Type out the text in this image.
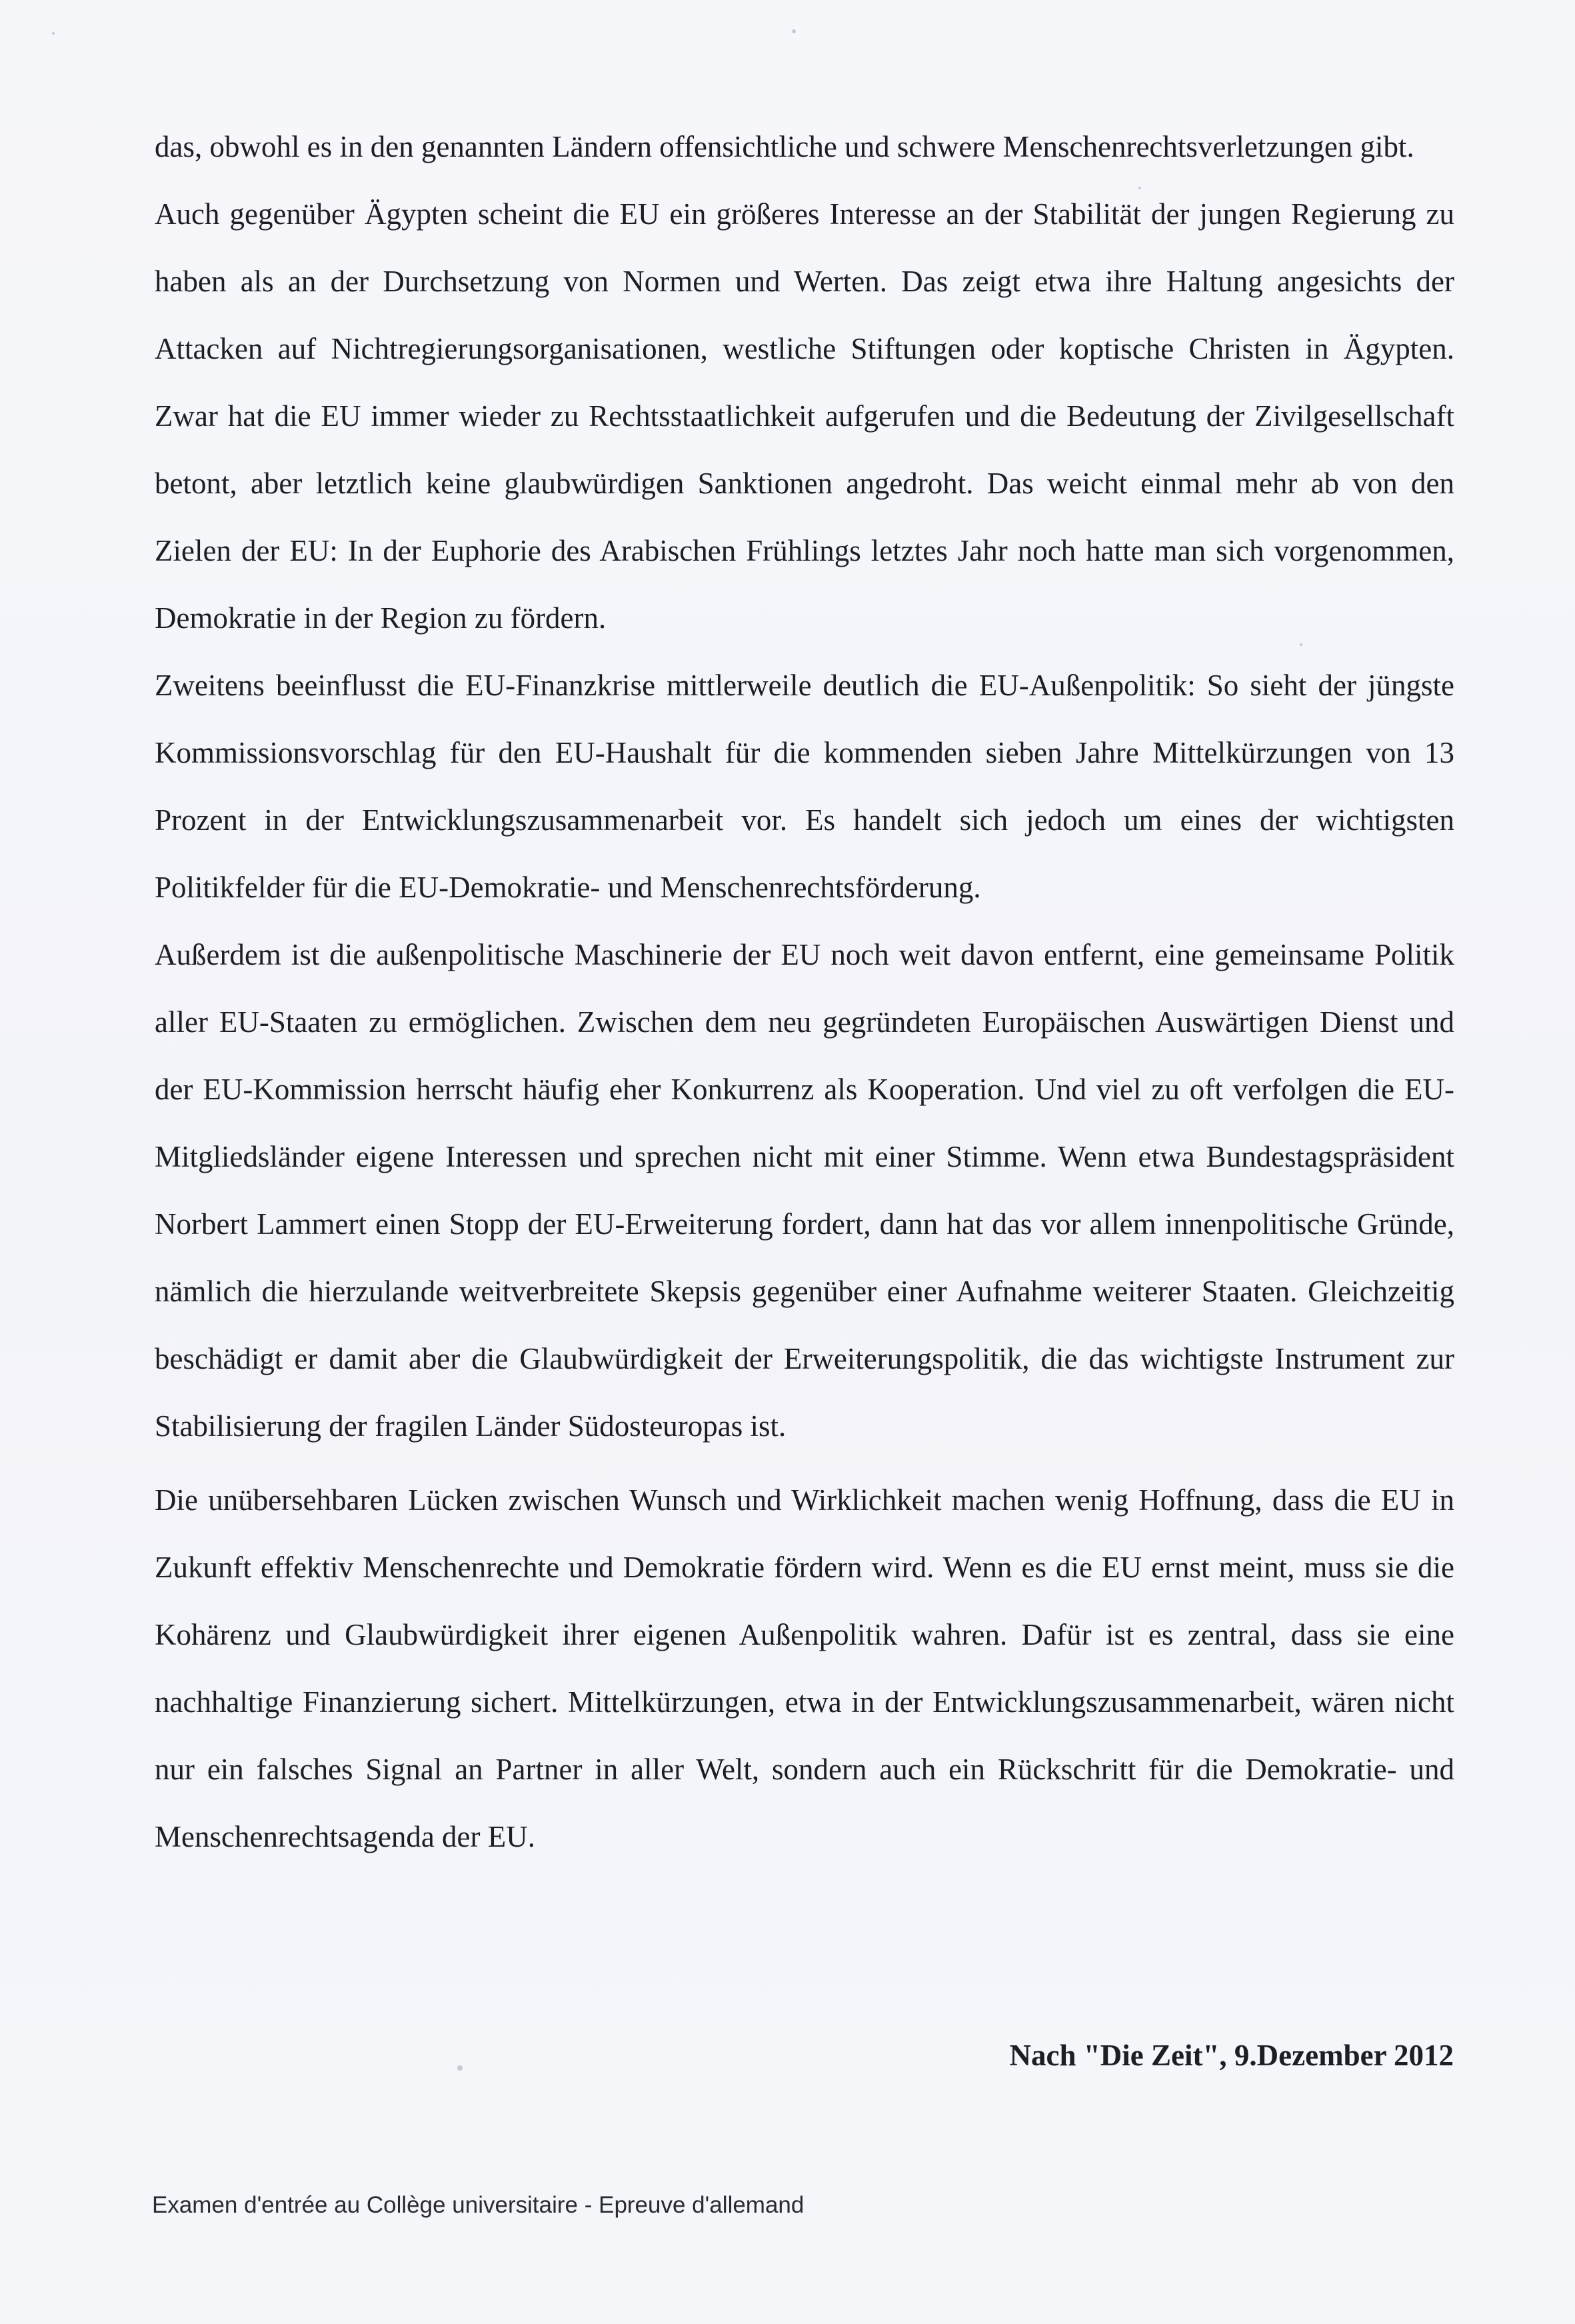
das, obwohl es in den genannten Ländern offensichtliche und schwere Menschenrechtsverletzungen gibt.

Auch gegenüber Ägypten scheint die EU ein größeres Interesse an der Stabilität der jungen Regierung zu haben als an der Durchsetzung von Normen und Werten. Das zeigt etwa ihre Haltung angesichts der Attacken auf Nichtregierungsorganisationen, westliche Stiftungen oder koptische Christen in Ägypten. Zwar hat die EU immer wieder zu Rechtsstaatlichkeit aufgerufen und die Bedeutung der Zivilgesellschaft betont, aber letztlich keine glaubwürdigen Sanktionen angedroht. Das weicht einmal mehr ab von den Zielen der EU: In der Euphorie des Arabischen Frühlings letztes Jahr noch hatte man sich vorgenommen, Demokratie in der Region zu fördern.

Zweitens beeinflusst die EU-Finanzkrise mittlerweile deutlich die EU-Außenpolitik: So sieht der jüngste Kommissionsvorschlag für den EU-Haushalt für die kommenden sieben Jahre Mittelkürzungen von 13 Prozent in der Entwicklungszusammenarbeit vor. Es handelt sich jedoch um eines der wichtigsten Politikfelder für die EU-Demokratie- und Menschenrechtsförderung.

Außerdem ist die außenpolitische Maschinerie der EU noch weit davon entfernt, eine gemeinsame Politik aller EU-Staaten zu ermöglichen. Zwischen dem neu gegründeten Europäischen Auswärtigen Dienst und der EU-Kommission herrscht häufig eher Konkurrenz als Kooperation. Und viel zu oft verfolgen die EU-Mitgliedsländer eigene Interessen und sprechen nicht mit einer Stimme. Wenn etwa Bundestagspräsident Norbert Lammert einen Stopp der EU-Erweiterung fordert, dann hat das vor allem innenpolitische Gründe, nämlich die hierzulande weitverbreitete Skepsis gegenüber einer Aufnahme weiterer Staaten. Gleichzeitig beschädigt er damit aber die Glaubwürdigkeit der Erweiterungspolitik, die das wichtigste Instrument zur Stabilisierung der fragilen Länder Südosteuropas ist.

Die unübersehbaren Lücken zwischen Wunsch und Wirklichkeit machen wenig Hoffnung, dass die EU in Zukunft effektiv Menschenrechte und Demokratie fördern wird. Wenn es die EU ernst meint, muss sie die Kohärenz und Glaubwürdigkeit ihrer eigenen Außenpolitik wahren. Dafür ist es zentral, dass sie eine nachhaltige Finanzierung sichert. Mittelkürzungen, etwa in der Entwicklungszusammenarbeit, wären nicht nur ein falsches Signal an Partner in aller Welt, sondern auch ein Rückschritt für die Demokratie- und Menschenrechtsagenda der EU.

Nach "Die Zeit", 9.Dezember 2012
Examen d'entrée au Collège universitaire - Epreuve d'allemand
